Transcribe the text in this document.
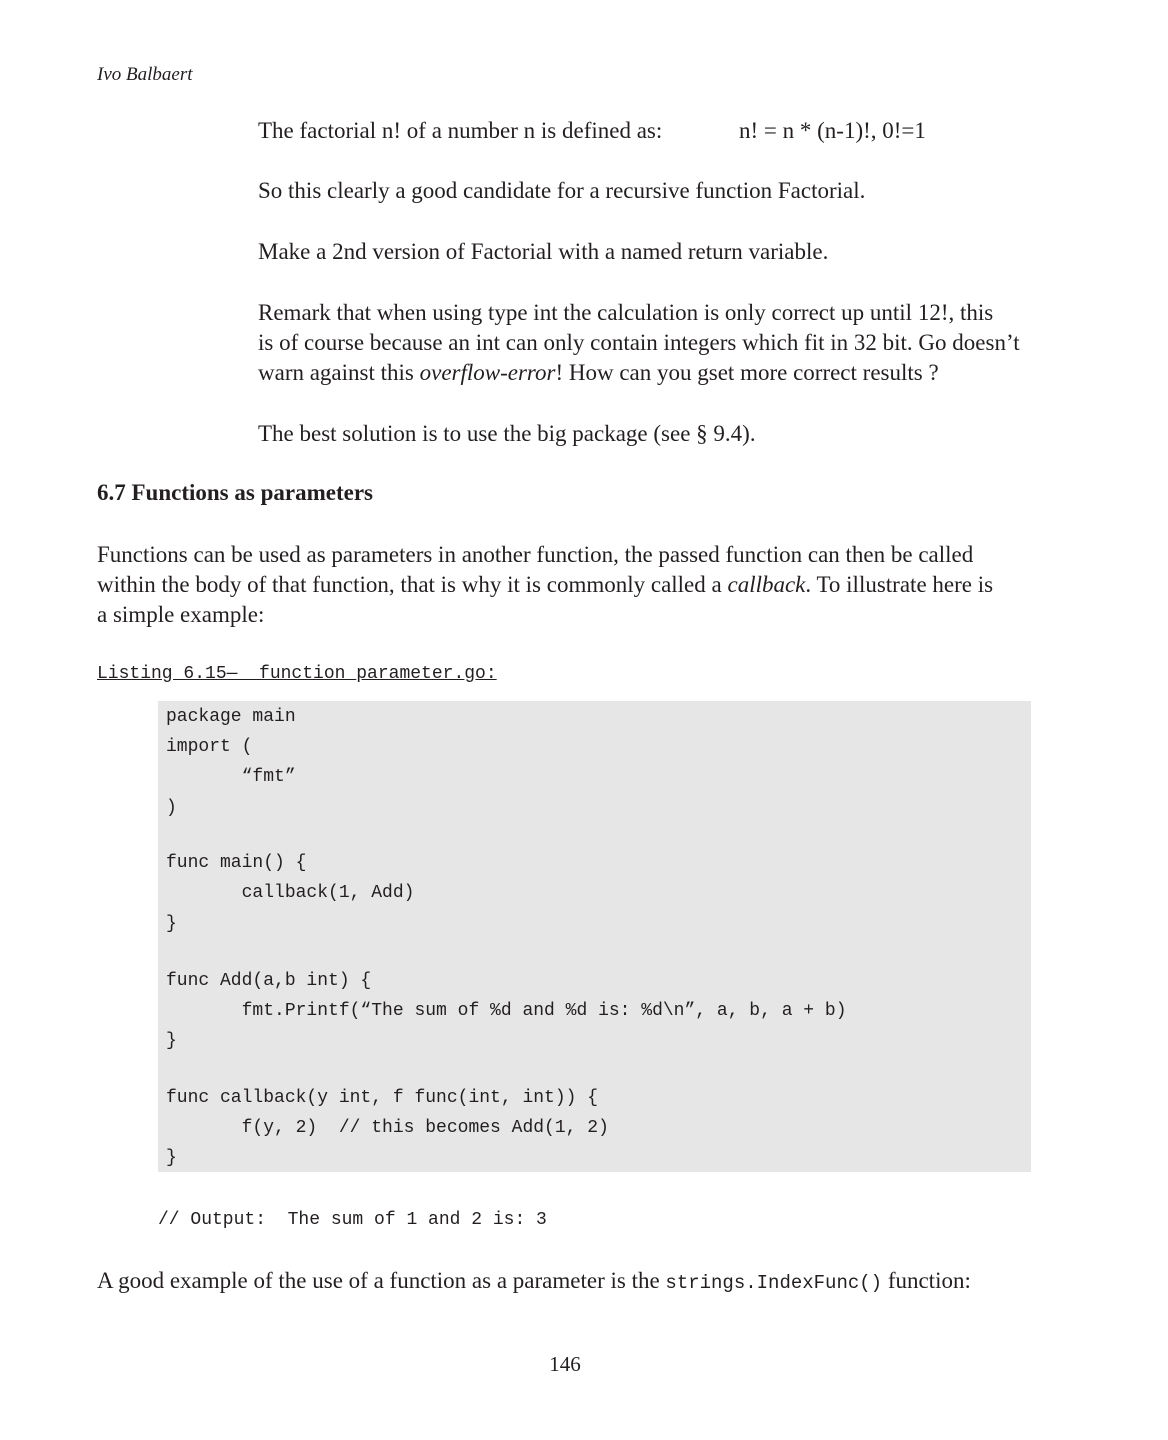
Ivo Balbaert
The factorial n! of a number n is defined as:	n! = n * (n-1)!, 0!=1
So this clearly a good candidate for a recursive function Factorial.
Make a 2nd version of Factorial with a named return variable.
Remark that when using type int the calculation is only correct up until 12!, this
is of course because an int can only contain integers which fit in 32 bit. Go doesn’t
warn against this overflow-error! How can you gset more correct results ?
The best solution is to use the big package (see § 9.4).
6.7 Functions as parameters
Functions can be used as parameters in another function, the passed function can then be called
within the body of that function, that is why it is commonly called a callback. To illustrate here is
a simple example:
Listing 6.15—_ function_parameter.go:
package main
import (
“fmt”
)
func main() {
callback(1, Add)
}
func Add(a,b int) {
fmt.Printf(“The sum of %d and %d is: %d\n”, a, b, a + b)
}
func callback(y int, f func(int, int)) {
f(y, 2)  // this becomes Add(1, 2)
}
// Output:  The sum of 1 and 2 is: 3
A good example of the use of a function as a parameter is the strings.IndexFunc() function:
146
